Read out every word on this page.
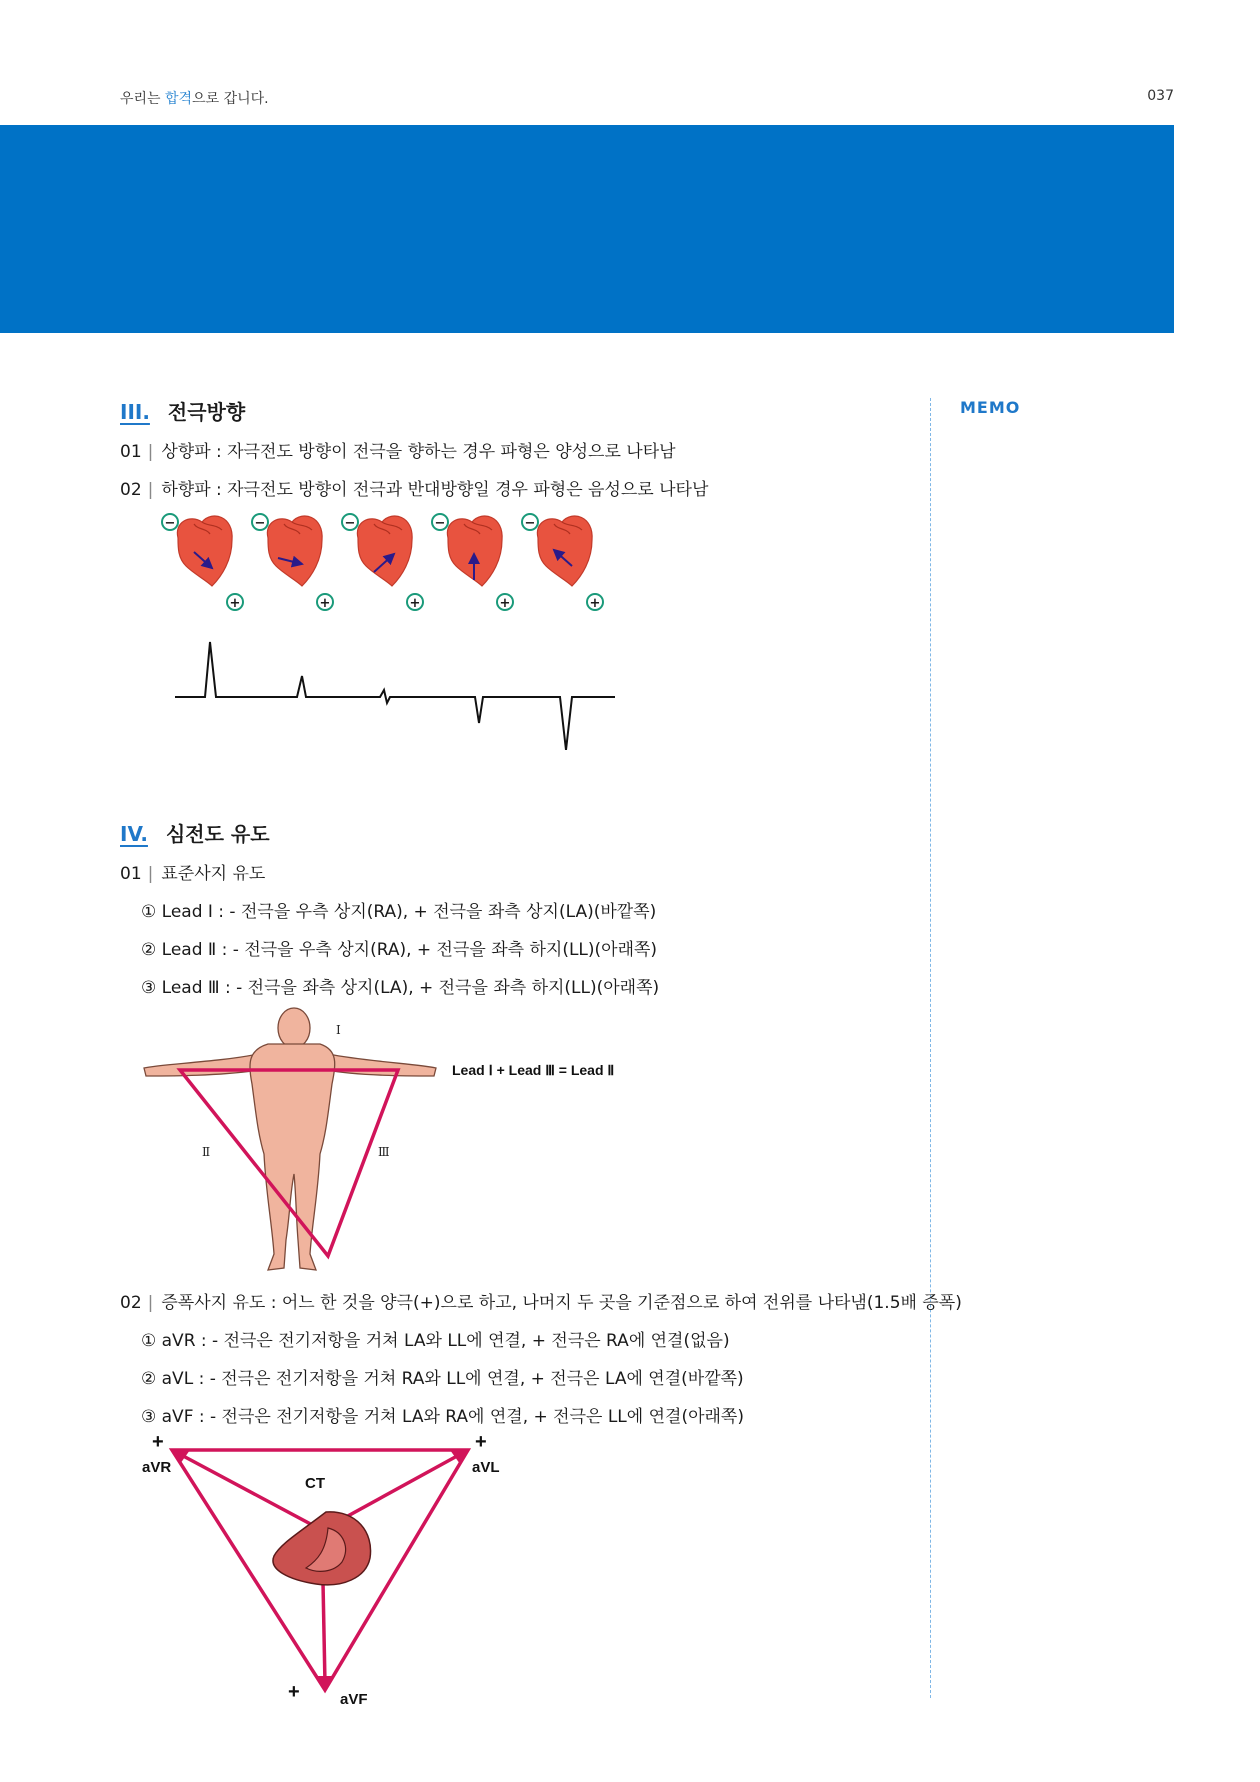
우리는 합격으로 갑니다.	037
MEMO
III. 전극방향
01 | 상향파 : 자극전도 방향이 전극을 향하는 경우 파형은 양성으로 나타남
02 | 하향파 : 자극전도 방향이 전극과 반대방향일 경우 파형은 음성으로 나타남
−
+
−
+
−
+
−
+
−
+
IV. 심전도 유도
01 | 표준사지 유도
① Lead Ⅰ : - 전극을 우측 상지(RA), + 전극을 좌측 상지(LA)(바깥쪽)
② Lead Ⅱ : - 전극을 우측 상지(RA), + 전극을 좌측 하지(LL)(아래쪽)
③ Lead Ⅲ : - 전극을 좌측 상지(LA), + 전극을 좌측 하지(LL)(아래쪽)
I
Ⅱ	Ⅲ
Lead Ⅰ + Lead Ⅲ = Lead Ⅱ
02 | 증폭사지 유도 : 어느 한 것을 양극(+)으로 하고, 나머지 두 곳을 기준점으로 하여 전위를 나타냄(1.5배 증폭)
① aVR : - 전극은 전기저항을 거쳐 LA와 LL에 연결, + 전극은 RA에 연결(없음)
② aVL : - 전극은 전기저항을 거쳐 RA와 LL에 연결, + 전극은 LA에 연결(바깥쪽)
③ aVF : - 전극은 전기저항을 거쳐 LA와 RA에 연결, + 전극은 LL에 연결(아래쪽)
+
aVR
+
aVL
CT
+	aVF
